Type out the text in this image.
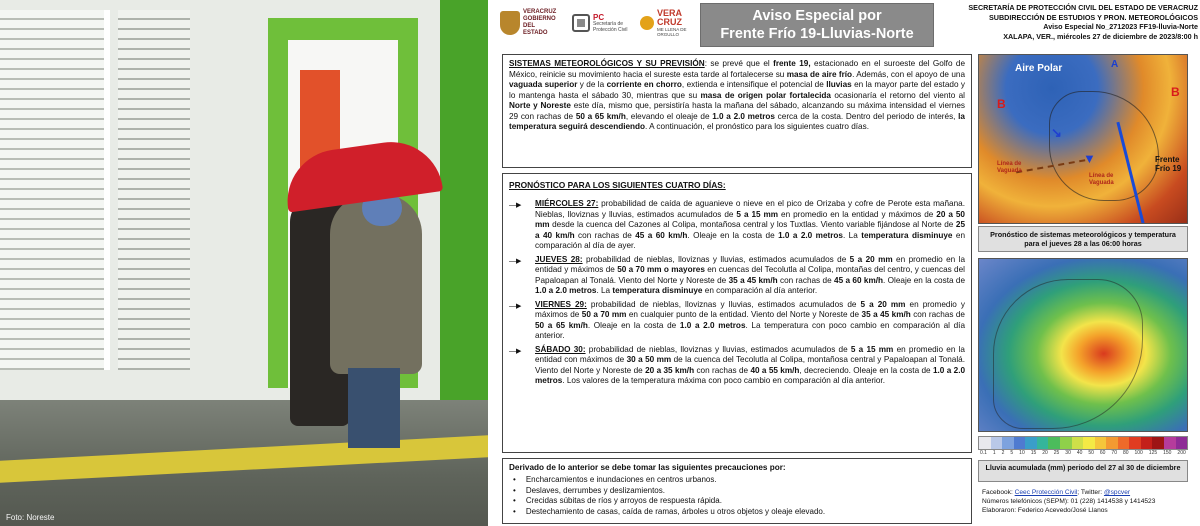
Foto: Noreste
VERACRUZ GOBIERNO DEL ESTADO
PC
Secretaría de Protección Civil
VERA CRUZ
ME LLENA DE ORGULLO
Aviso Especial por
Frente Frío 19-Lluvias-Norte
SECRETARÍA DE PROTECCIÓN CIVIL DEL ESTADO DE VERACRUZ
SUBDIRECCIÓN DE ESTUDIOS Y PRON. METEOROLÓGICOS
Aviso Especial No_2712023 FF19-lluvia-Norte
XALAPA, VER., miércoles 27 de diciembre de 2023/8:00 h

SISTEMAS METEOROLÓGICOS Y SU PREVISIÓN: se prevé que el frente 19, estacionado en el suroeste del Golfo de México, reinicie su movimiento hacia el sureste esta tarde al fortalecerse su masa de aire frío. Además, con el apoyo de una vaguada superior y de la corriente en chorro, extienda e intensifique el potencial de lluvias en la mayor parte del estado y lo mantenga hasta el sábado 30, mientras que su masa de origen polar fortalecida ocasionaría el retorno del viento al Norte y Noreste este día, mismo que, persistiría hasta la mañana del sábado, alcanzando su máxima intensidad el viernes 29 con rachas de 50 a 65 km/h, elevando el oleaje de 1.0 a 2.0 metros cerca de la costa. Dentro del periodo de interés, la temperatura seguirá descendiendo. A continuación, el pronóstico para los siguientes cuatro días.

PRONÓSTICO PARA LOS SIGUIENTES CUATRO DÍAS:
—▶

MIÉRCOLES 27: probabilidad de caída de aguanieve o nieve en el pico de Orizaba y cofre de Perote esta mañana. Nieblas, lloviznas y lluvias, estimados acumulados de 5 a 15 mm en promedio en la entidad y máximos de 20 a 50 mm desde la cuenca del Cazones al Colipa, montañosa central y los Tuxtlas. Viento variable fijándose al Norte de 25 a 40 km/h con rachas de 45 a 60 km/h. Oleaje en la costa de 1.0 a 2.0 metros. La temperatura disminuye en comparación al día de ayer.

—▶

JUEVES 28: probabilidad de nieblas, lloviznas y lluvias, estimados acumulados de 5 a 20 mm en promedio en la entidad y máximos de 50 a 70 mm o mayores en cuencas del Tecolutla al Colipa, montañas del centro, y cuencas del Papaloapan al Tonalá. Viento del Norte y Noreste de 35 a 45 km/h con rachas de 45 a 60 km/h. Oleaje en la costa de 1.0 a 2.0 metros. La temperatura disminuye en comparación al día anterior.

—▶

VIERNES 29: probabilidad de nieblas, lloviznas y lluvias, estimados acumulados de 5 a 20 mm en promedio y máximos de 50 a 70 mm en cualquier punto de la entidad. Viento del Norte y Noreste de 35 a 45 km/h con rachas de 50 a 65 km/h. Oleaje en la costa de 1.0 a 2.0 metros. La temperatura con poco cambio en comparación al día anterior.

—▶

SÁBADO 30: probabilidad de nieblas, lloviznas y lluvias, estimados acumulados de 5 a 15 mm en promedio en la entidad con máximos de 30 a 50 mm de la cuenca del Tecolutla al Colipa, montañosa central y Papaloapan al Tonalá. Viento del Norte y Noreste de 20 a 35 km/h con rachas de 40 a 55 km/h, decreciendo. Oleaje en la costa de 1.0 a 2.0 metros. Los valores de la temperatura máxima con poco cambio en comparación al día anterior.

Derivado de lo anterior se debe tomar las siguientes precauciones por:
• Encharcamientos e inundaciones en centros urbanos.
• Deslaves, derrumbes y deslizamientos.
• Crecidas súbitas de ríos y arroyos de respuesta rápida.
• Destechamiento de casas, caída de ramas, árboles u otros objetos y oleaje elevado.
Aire Polar
B
B
A
↘
▼	Frente Frío 19
Línea de Vaguada
Línea de Vaguada
Pronóstico de sistemas meteorológicos y temperatura para el jueves 28 a las 06:00 horas
0.1 1 2 5 10 15 20 25 30 40 50 60 70 80 100 125 150 200
Lluvia acumulada (mm) periodo del 27 al 30 de diciembre
Facebook: Ceec Protección Civil; Twitter: @spcver
Números telefónicos (SEPM): 01 (228) 1414538 y 1414523
Elaboraron: Federico Acevedo/José Llanos
